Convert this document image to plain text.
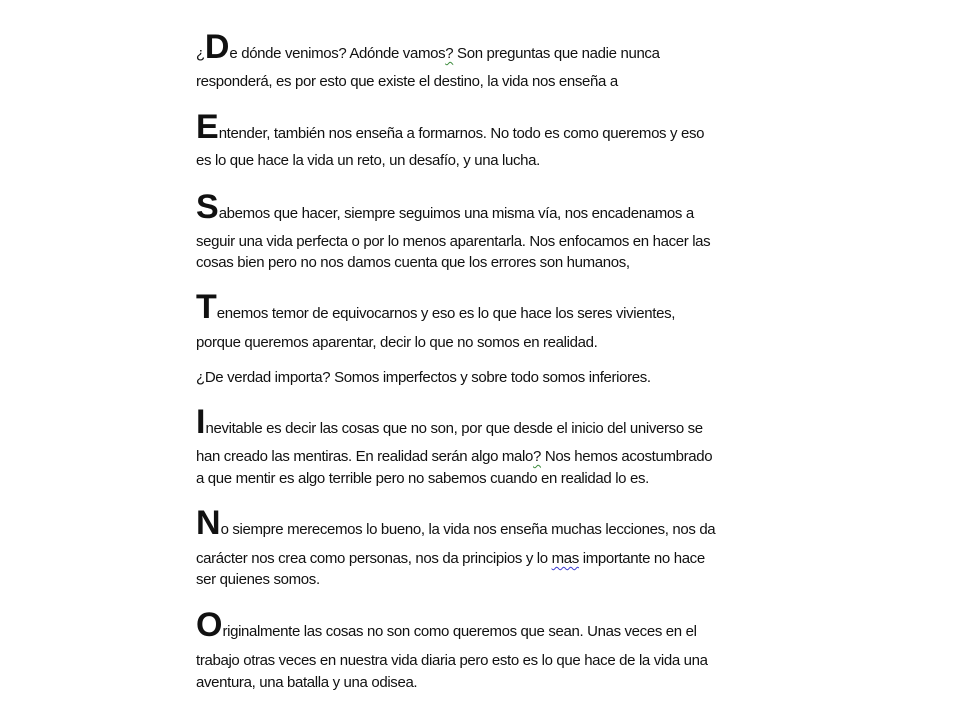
¿De dónde venimos? Adónde vamos? Son preguntas que nadie nunca
responderá, es por esto que existe el destino, la vida nos enseña a
Entender, también nos enseña a formarnos. No todo es como queremos y eso
es lo que hace la vida un reto, un desafío, y una lucha.
Sabemos que hacer, siempre seguimos una misma vía, nos encadenamos a
seguir una vida perfecta o por lo menos aparentarla. Nos enfocamos en hacer las
cosas bien pero no nos damos cuenta que los errores son humanos,
Tenemos temor de equivocarnos y eso es lo que hace los seres vivientes,
porque queremos aparentar, decir lo que no somos en realidad.
¿De verdad importa? Somos imperfectos y sobre todo somos inferiores.
Inevitable es decir las cosas que no son, por que desde el inicio del universo se
han creado las mentiras. En realidad serán algo malo? Nos hemos acostumbrado
a que mentir es algo terrible pero no sabemos cuando en realidad lo es.
No siempre merecemos lo bueno, la vida nos enseña muchas lecciones, nos da
carácter nos crea como personas, nos da principios y lo mas importante no hace
ser quienes somos.
Originalmente las cosas no son como queremos que sean. Unas veces en el
trabajo otras veces en nuestra vida diaria pero esto es lo que hace de la vida una
aventura, una batalla y una odisea.
